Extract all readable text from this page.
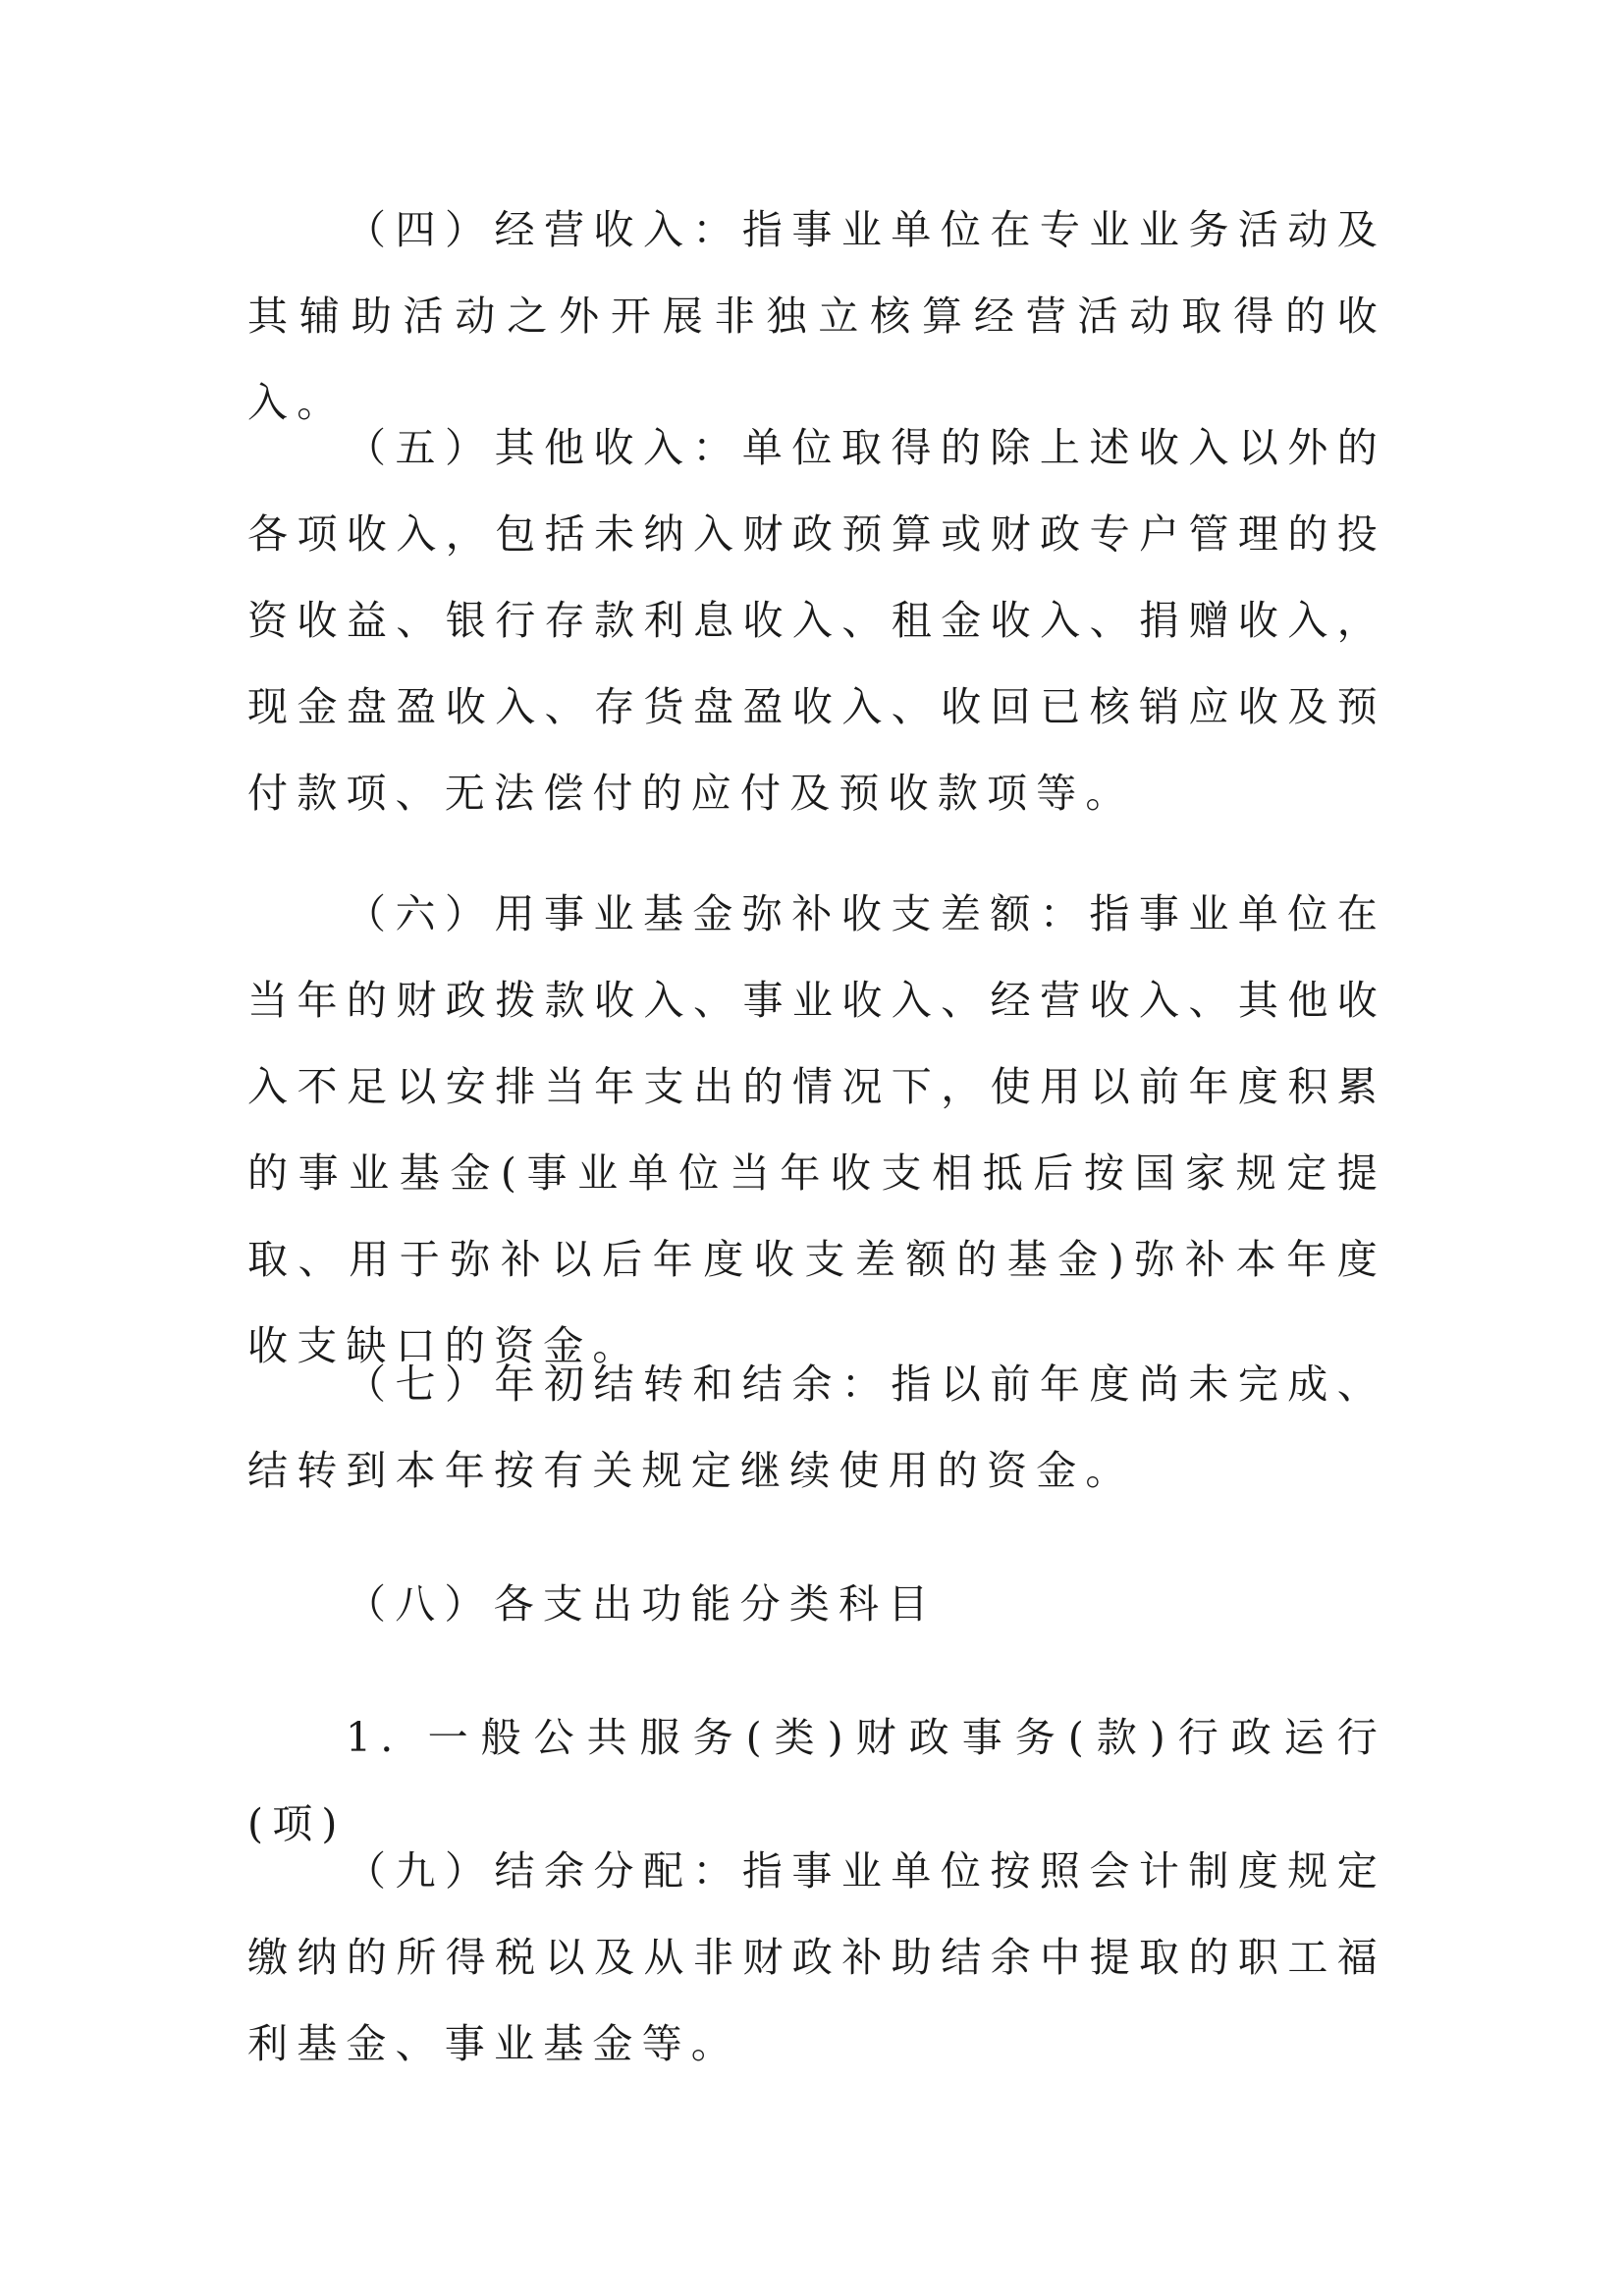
（四）经营收入：指事业单位在专业业务活动及其辅助活动之外开展非独立核算经营活动取得的收入。

（五）其他收入：单位取得的除上述收入以外的各项收入，包括未纳入财政预算或财政专户管理的投资收益、银行存款利息收入、租金收入、捐赠收入，现金盘盈收入、存货盘盈收入、收回已核销应收及预付款项、无法偿付的应付及预收款项等。

（六）用事业基金弥补收支差额：指事业单位在当年的财政拨款收入、事业收入、经营收入、其他收入不足以安排当年支出的情况下，使用以前年度积累的事业基金(事业单位当年收支相抵后按国家规定提取、用于弥补以后年度收支差额的基金)弥补本年度收支缺口的资金。

（七）年初结转和结余：指以前年度尚未完成、结转到本年按有关规定继续使用的资金。

（八）各支出功能分类科目

1. 一般公共服务(类)财政事务(款)行政运行(项)

（九）结余分配：指事业单位按照会计制度规定缴纳的所得税以及从非财政补助结余中提取的职工福利基金、事业基金等。
